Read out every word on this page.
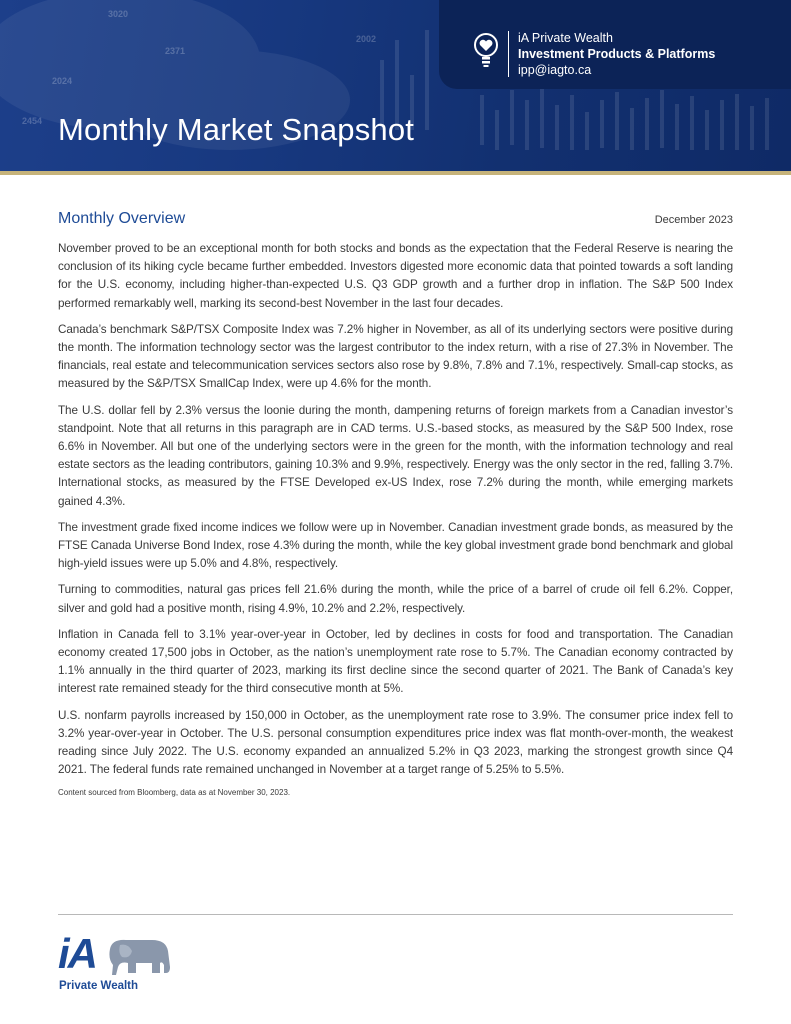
3020
2371
2002
2024
2454 Monthly Market Snapshot
iA Private Wealth
Investment Products & Platforms
ipp@iagto.ca
Monthly Overview	December 2023

November proved to be an exceptional month for both stocks and bonds as the expectation that the Federal Reserve is nearing the conclusion of its hiking cycle became further embedded. Investors digested more economic data that pointed towards a soft landing for the U.S. economy, including higher-than-expected U.S. Q3 GDP growth and a further drop in inflation. The S&P 500 Index performed remarkably well, marking its second-best November in the last four decades.

Canada’s benchmark S&P/TSX Composite Index was 7.2% higher in November, as all of its underlying sectors were positive during the month. The information technology sector was the largest contributor to the index return, with a rise of 27.3% in November. The financials, real estate and telecommunication services sectors also rose by 9.8%, 7.8% and 7.1%, respectively. Small-cap stocks, as measured by the S&P/TSX SmallCap Index, were up 4.6% for the month.

The U.S. dollar fell by 2.3% versus the loonie during the month, dampening returns of foreign markets from a Canadian investor’s standpoint. Note that all returns in this paragraph are in CAD terms. U.S.-based stocks, as measured by the S&P 500 Index, rose 6.6% in November. All but one of the underlying sectors were in the green for the month, with the information technology and real estate sectors as the leading contributors, gaining 10.3% and 9.9%, respectively. Energy was the only sector in the red, falling 3.7%. International stocks, as measured by the FTSE Developed ex-US Index, rose 7.2% during the month, while emerging markets gained 4.3%.

The investment grade fixed income indices we follow were up in November. Canadian investment grade bonds, as measured by the FTSE Canada Universe Bond Index, rose 4.3% during the month, while the key global investment grade bond benchmark and global high-yield issues were up 5.0% and 4.8%, respectively.

Turning to commodities, natural gas prices fell 21.6% during the month, while the price of a barrel of crude oil fell 6.2%. Copper, silver and gold had a positive month, rising 4.9%, 10.2% and 2.2%, respectively.

Inflation in Canada fell to 3.1% year-over-year in October, led by declines in costs for food and transportation. The Canadian economy created 17,500 jobs in October, as the nation’s unemployment rate rose to 5.7%. The Canadian economy contracted by 1.1% annually in the third quarter of 2023, marking its first decline since the second quarter of 2021. The Bank of Canada’s key interest rate remained steady for the third consecutive month at 5%.

U.S. nonfarm payrolls increased by 150,000 in October, as the unemployment rate rose to 3.9%. The consumer price index fell to 3.2% year-over-year in October. The U.S. personal consumption expenditures price index was flat month-over-month, the weakest reading since July 2022. The U.S. economy expanded an annualized 5.2% in Q3 2023, marking the strongest growth since Q4 2021. The federal funds rate remained unchanged in November at a target range of 5.25% to 5.5%.

Content sourced from Bloomberg, data as at November 30, 2023.
iA
Private Wealth
